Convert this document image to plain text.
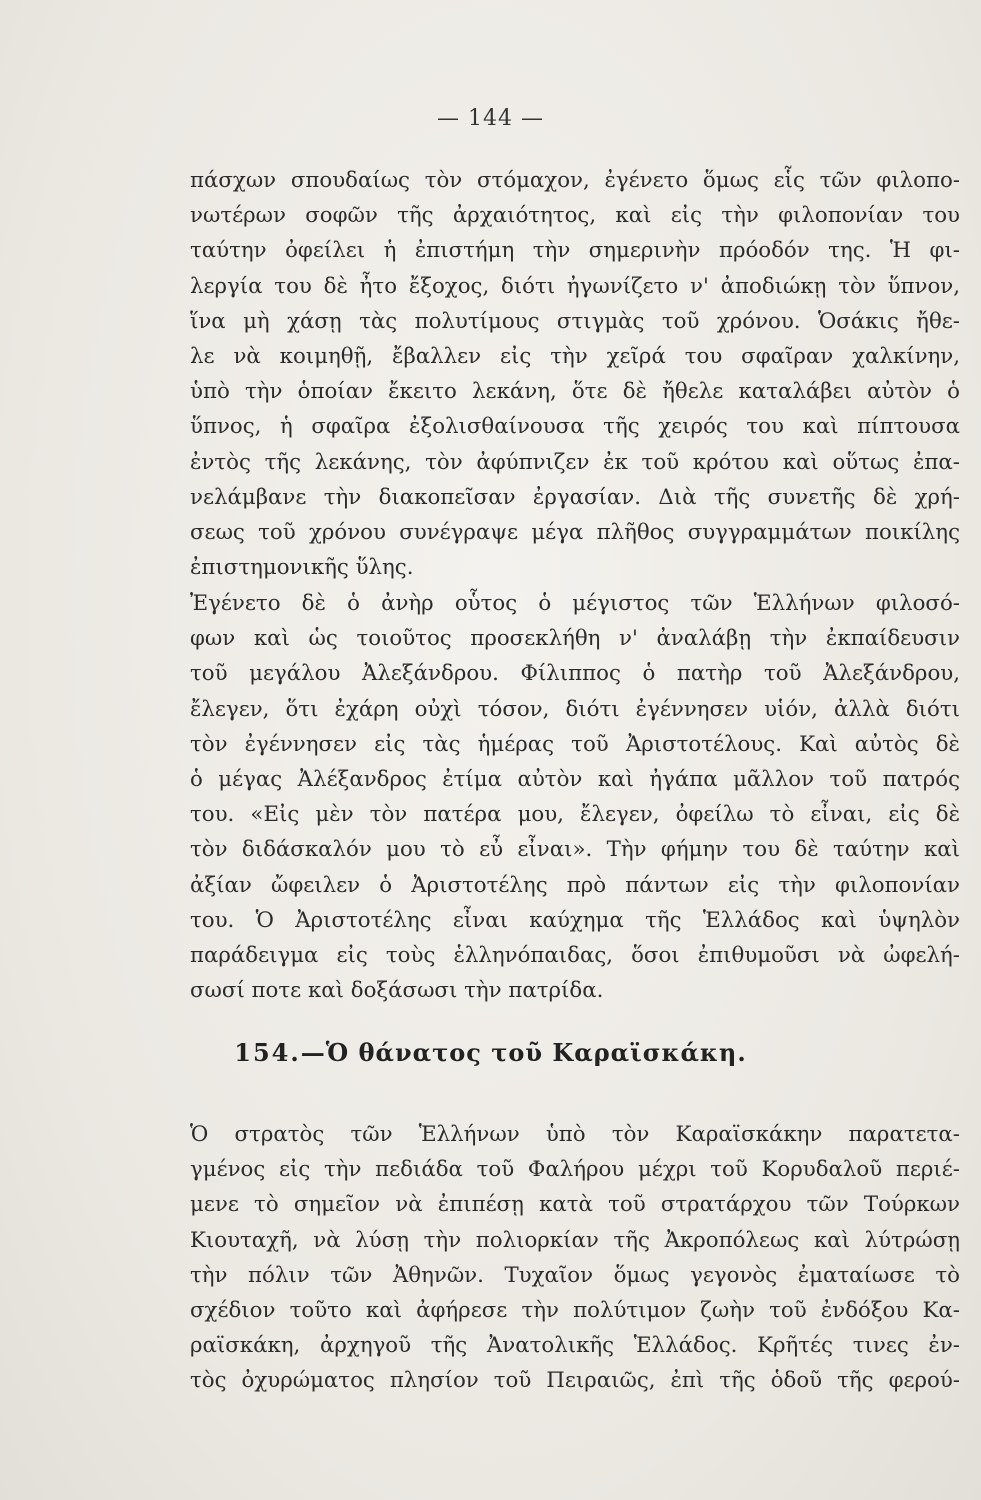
— 144 —
πάσχων σπουδαίως τὸν στόμαχον, ἐγένετο ὅμως εἷς τῶν φιλοπο-
νωτέρων σοφῶν τῆς ἀρχαιότητος, καὶ εἰς τὴν φιλοπονίαν του
ταύτην ὀφείλει ἡ ἐπιστήμη τὴν σημερινὴν πρόοδόν της. Ἡ φι-
λεργία του δὲ ἦτο ἔξοχος, διότι ἠγωνίζετο ν' ἀποδιώκῃ τὸν ὕπνον,
ἵνα μὴ χάσῃ τὰς πολυτίμους στιγμὰς τοῦ χρόνου. Ὁσάκις ἤθε-
λε νὰ κοιμηθῇ, ἔβαλλεν εἰς τὴν χεῖρά του σφαῖραν χαλκίνην,
ὑπὸ τὴν ὁποίαν ἔκειτο λεκάνη, ὅτε δὲ ἤθελε καταλάβει αὐτὸν ὁ
ὕπνος, ἡ σφαῖρα ἐξολισθαίνουσα τῆς χειρός του καὶ πίπτουσα
ἐντὸς τῆς λεκάνης, τὸν ἀφύπνιζεν ἐκ τοῦ κρότου καὶ οὕτως ἐπα-
νελάμβανε τὴν διακοπεῖσαν ἐργασίαν. Διὰ τῆς συνετῆς δὲ χρή-
σεως τοῦ χρόνου συνέγραψε μέγα πλῆθος συγγραμμάτων ποικίλης
ἐπιστημονικῆς ὕλης.
Ἐγένετο δὲ ὁ ἀνὴρ οὗτος ὁ μέγιστος τῶν Ἑλλήνων φιλοσό-
φων καὶ ὡς τοιοῦτος προσεκλήθη ν' ἀναλάβῃ τὴν ἐκπαίδευσιν
τοῦ μεγάλου Ἀλεξάνδρου. Φίλιππος ὁ πατὴρ τοῦ Ἀλεξάνδρου,
ἔλεγεν, ὅτι ἐχάρη οὐχὶ τόσον, διότι ἐγέννησεν υἱόν, ἀλλὰ διότι
τὸν ἐγέννησεν εἰς τὰς ἡμέρας τοῦ Ἀριστοτέλους. Καὶ αὐτὸς δὲ
ὁ μέγας Ἀλέξανδρος ἐτίμα αὐτὸν καὶ ἠγάπα μᾶλλον τοῦ πατρός
του. «Εἰς μὲν τὸν πατέρα μου, ἔλεγεν, ὀφείλω τὸ εἶναι, εἰς δὲ
τὸν διδάσκαλόν μου τὸ εὖ εἶναι». Τὴν φήμην του δὲ ταύτην καὶ
ἀξίαν ὤφειλεν ὁ Ἀριστοτέλης πρὸ πάντων εἰς τὴν φιλοπονίαν
του. Ὁ Ἀριστοτέλης εἶναι καύχημα τῆς Ἑλλάδος καὶ ὑψηλὸν
παράδειγμα εἰς τοὺς ἑλληνόπαιδας, ὅσοι ἐπιθυμοῦσι νὰ ὠφελή-
σωσί ποτε καὶ δοξάσωσι τὴν πατρίδα.
154.—Ὁ θάνατος τοῦ Καραϊσκάκη.
Ὁ στρατὸς τῶν Ἑλλήνων ὑπὸ τὸν Καραϊσκάκην παρατετα-
γμένος εἰς τὴν πεδιάδα τοῦ Φαλήρου μέχρι τοῦ Κορυδαλοῦ περιέ-
μενε τὸ σημεῖον νὰ ἐπιπέσῃ κατὰ τοῦ στρατάρχου τῶν Τούρκων
Κιουταχῆ, νὰ λύσῃ τὴν πολιορκίαν τῆς Ἀκροπόλεως καὶ λύτρώσῃ
τὴν πόλιν τῶν Ἀθηνῶν. Τυχαῖον ὅμως γεγονὸς ἐματαίωσε τὸ
σχέδιον τοῦτο καὶ ἀφήρεσε τὴν πολύτιμον ζωὴν τοῦ ἐνδόξου Κα-
ραϊσκάκη, ἀρχηγοῦ τῆς Ἀνατολικῆς Ἑλλάδος. Κρῆτές τινες ἐν-
τὸς ὀχυρώματος πλησίον τοῦ Πειραιῶς, ἐπὶ τῆς ὁδοῦ τῆς φερού-
